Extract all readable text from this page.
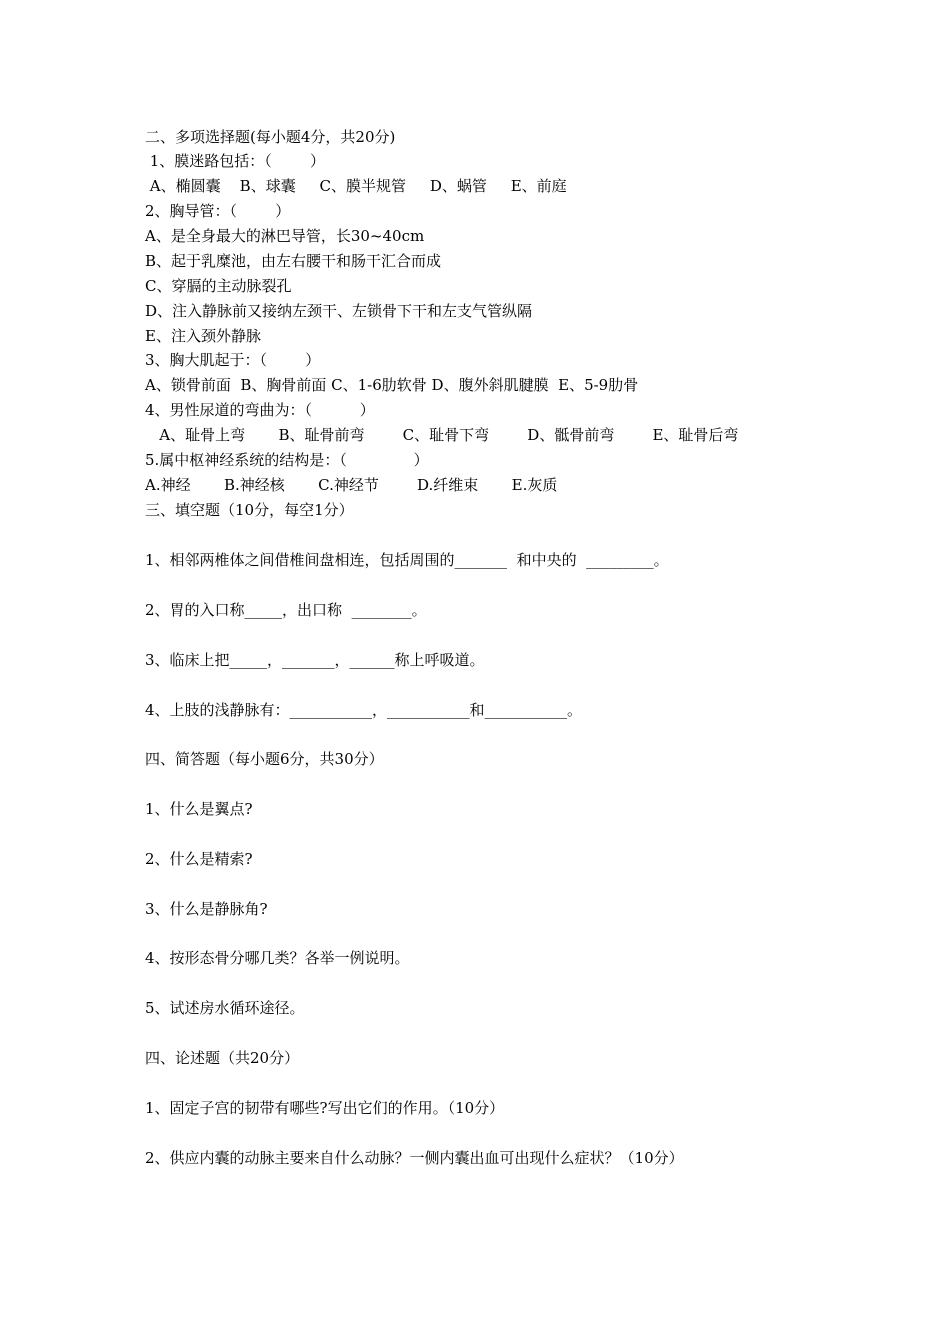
二、多项选择题(每小题4分，共20分)
1、膜迷路包括：（        ）
A、椭圆囊    B、球囊     C、膜半规管     D、蜗管     E、前庭
2、胸导管：（        ）
A、是全身最大的淋巴导管，长30~40cm
B、起于乳糜池，由左右腰干和肠干汇合而成
C、穿膈的主动脉裂孔
D、注入静脉前又接纳左颈干、左锁骨下干和左支气管纵隔
E、注入颈外静脉
3、胸大肌起于：（        ）
A、锁骨前面  B、胸骨前面 C、1-6肋软骨 D、腹外斜肌腱膜  E、5-9肋骨
4、男性尿道的弯曲为：（          ）
A、耻骨上弯       B、耻骨前弯        C、耻骨下弯        D、骶骨前弯        E、耻骨后弯
5.属中枢神经系统的结构是：（              ）
A.神经       B.神经核       C.神经节        D.纤维束       E.灰质
三、填空题（10分，每空1分）
1、相邻两椎体之间借椎间盘相连，包括周围的_______  和中央的  _________。
2、胃的入口称_____，出口称  ________。
3、临床上把_____，_______，______称上呼吸道。
4、上肢的浅静脉有：___________，___________和___________。
四、简答题（每小题6分，共30分）
1、什么是翼点?
2、什么是精索?
3、什么是静脉角?
4、按形态骨分哪几类？各举一例说明。
5、试述房水循环途径。
四、论述题（共20分）
1、固定子宫的韧带有哪些?写出它们的作用。（10分）
2、供应内囊的动脉主要来自什么动脉？一侧内囊出血可出现什么症状？（10分）
